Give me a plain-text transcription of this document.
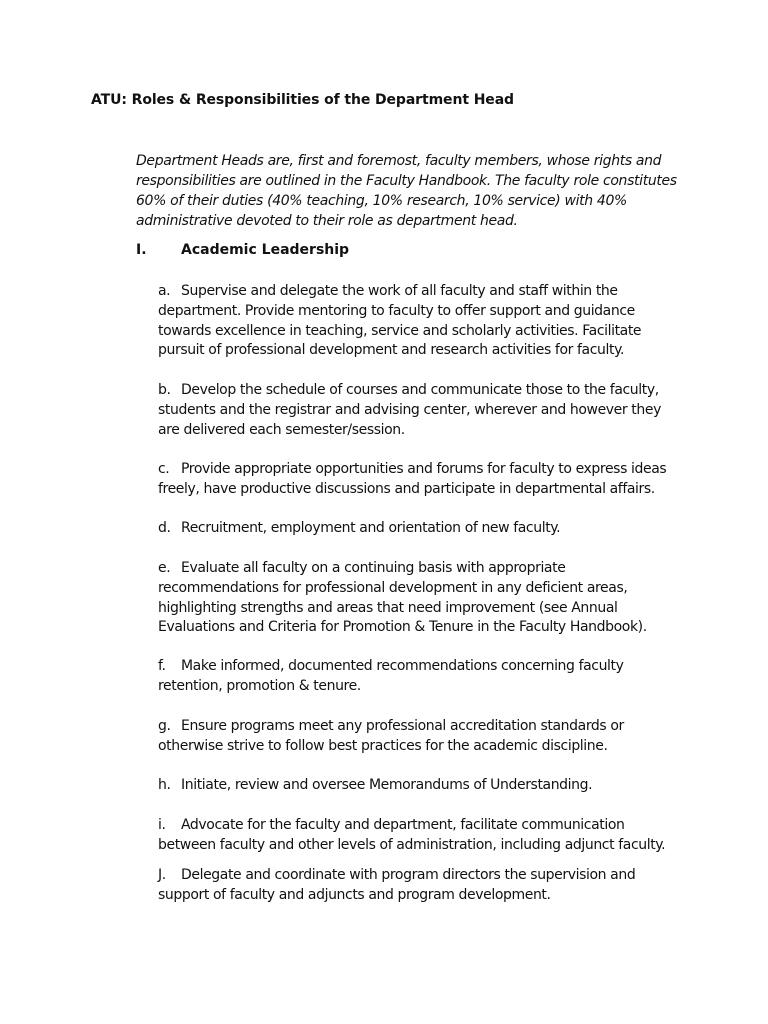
ATU: Roles & Responsibilities of the Department Head
Department Heads are, first and foremost, faculty members, whose rights and responsibilities are outlined in the Faculty Handbook. The faculty role constitutes 60% of their duties (40% teaching, 10% research, 10% service) with 40% administrative devoted to their role as department head.
I. Academic Leadership
a. Supervise and delegate the work of all faculty and staff within the department. Provide mentoring to faculty to offer support and guidance towards excellence in teaching, service and scholarly activities. Facilitate pursuit of professional development and research activities for faculty.
b. Develop the schedule of courses and communicate those to the faculty, students and the registrar and advising center, wherever and however they are delivered each semester/session.
c. Provide appropriate opportunities and forums for faculty to express ideas freely, have productive discussions and participate in departmental affairs.
d. Recruitment, employment and orientation of new faculty.
e. Evaluate all faculty on a continuing basis with appropriate recommendations for professional development in any deficient areas, highlighting strengths and areas that need improvement (see Annual Evaluations and Criteria for Promotion & Tenure in the Faculty Handbook).
f. Make informed, documented recommendations concerning faculty retention, promotion & tenure.
g. Ensure programs meet any professional accreditation standards or otherwise strive to follow best practices for the academic discipline.
h. Initiate, review and oversee Memorandums of Understanding.
i. Advocate for the faculty and department, facilitate communication between faculty and other levels of administration, including adjunct faculty.
J. Delegate and coordinate with program directors the supervision and support of faculty and adjuncts and program development.
